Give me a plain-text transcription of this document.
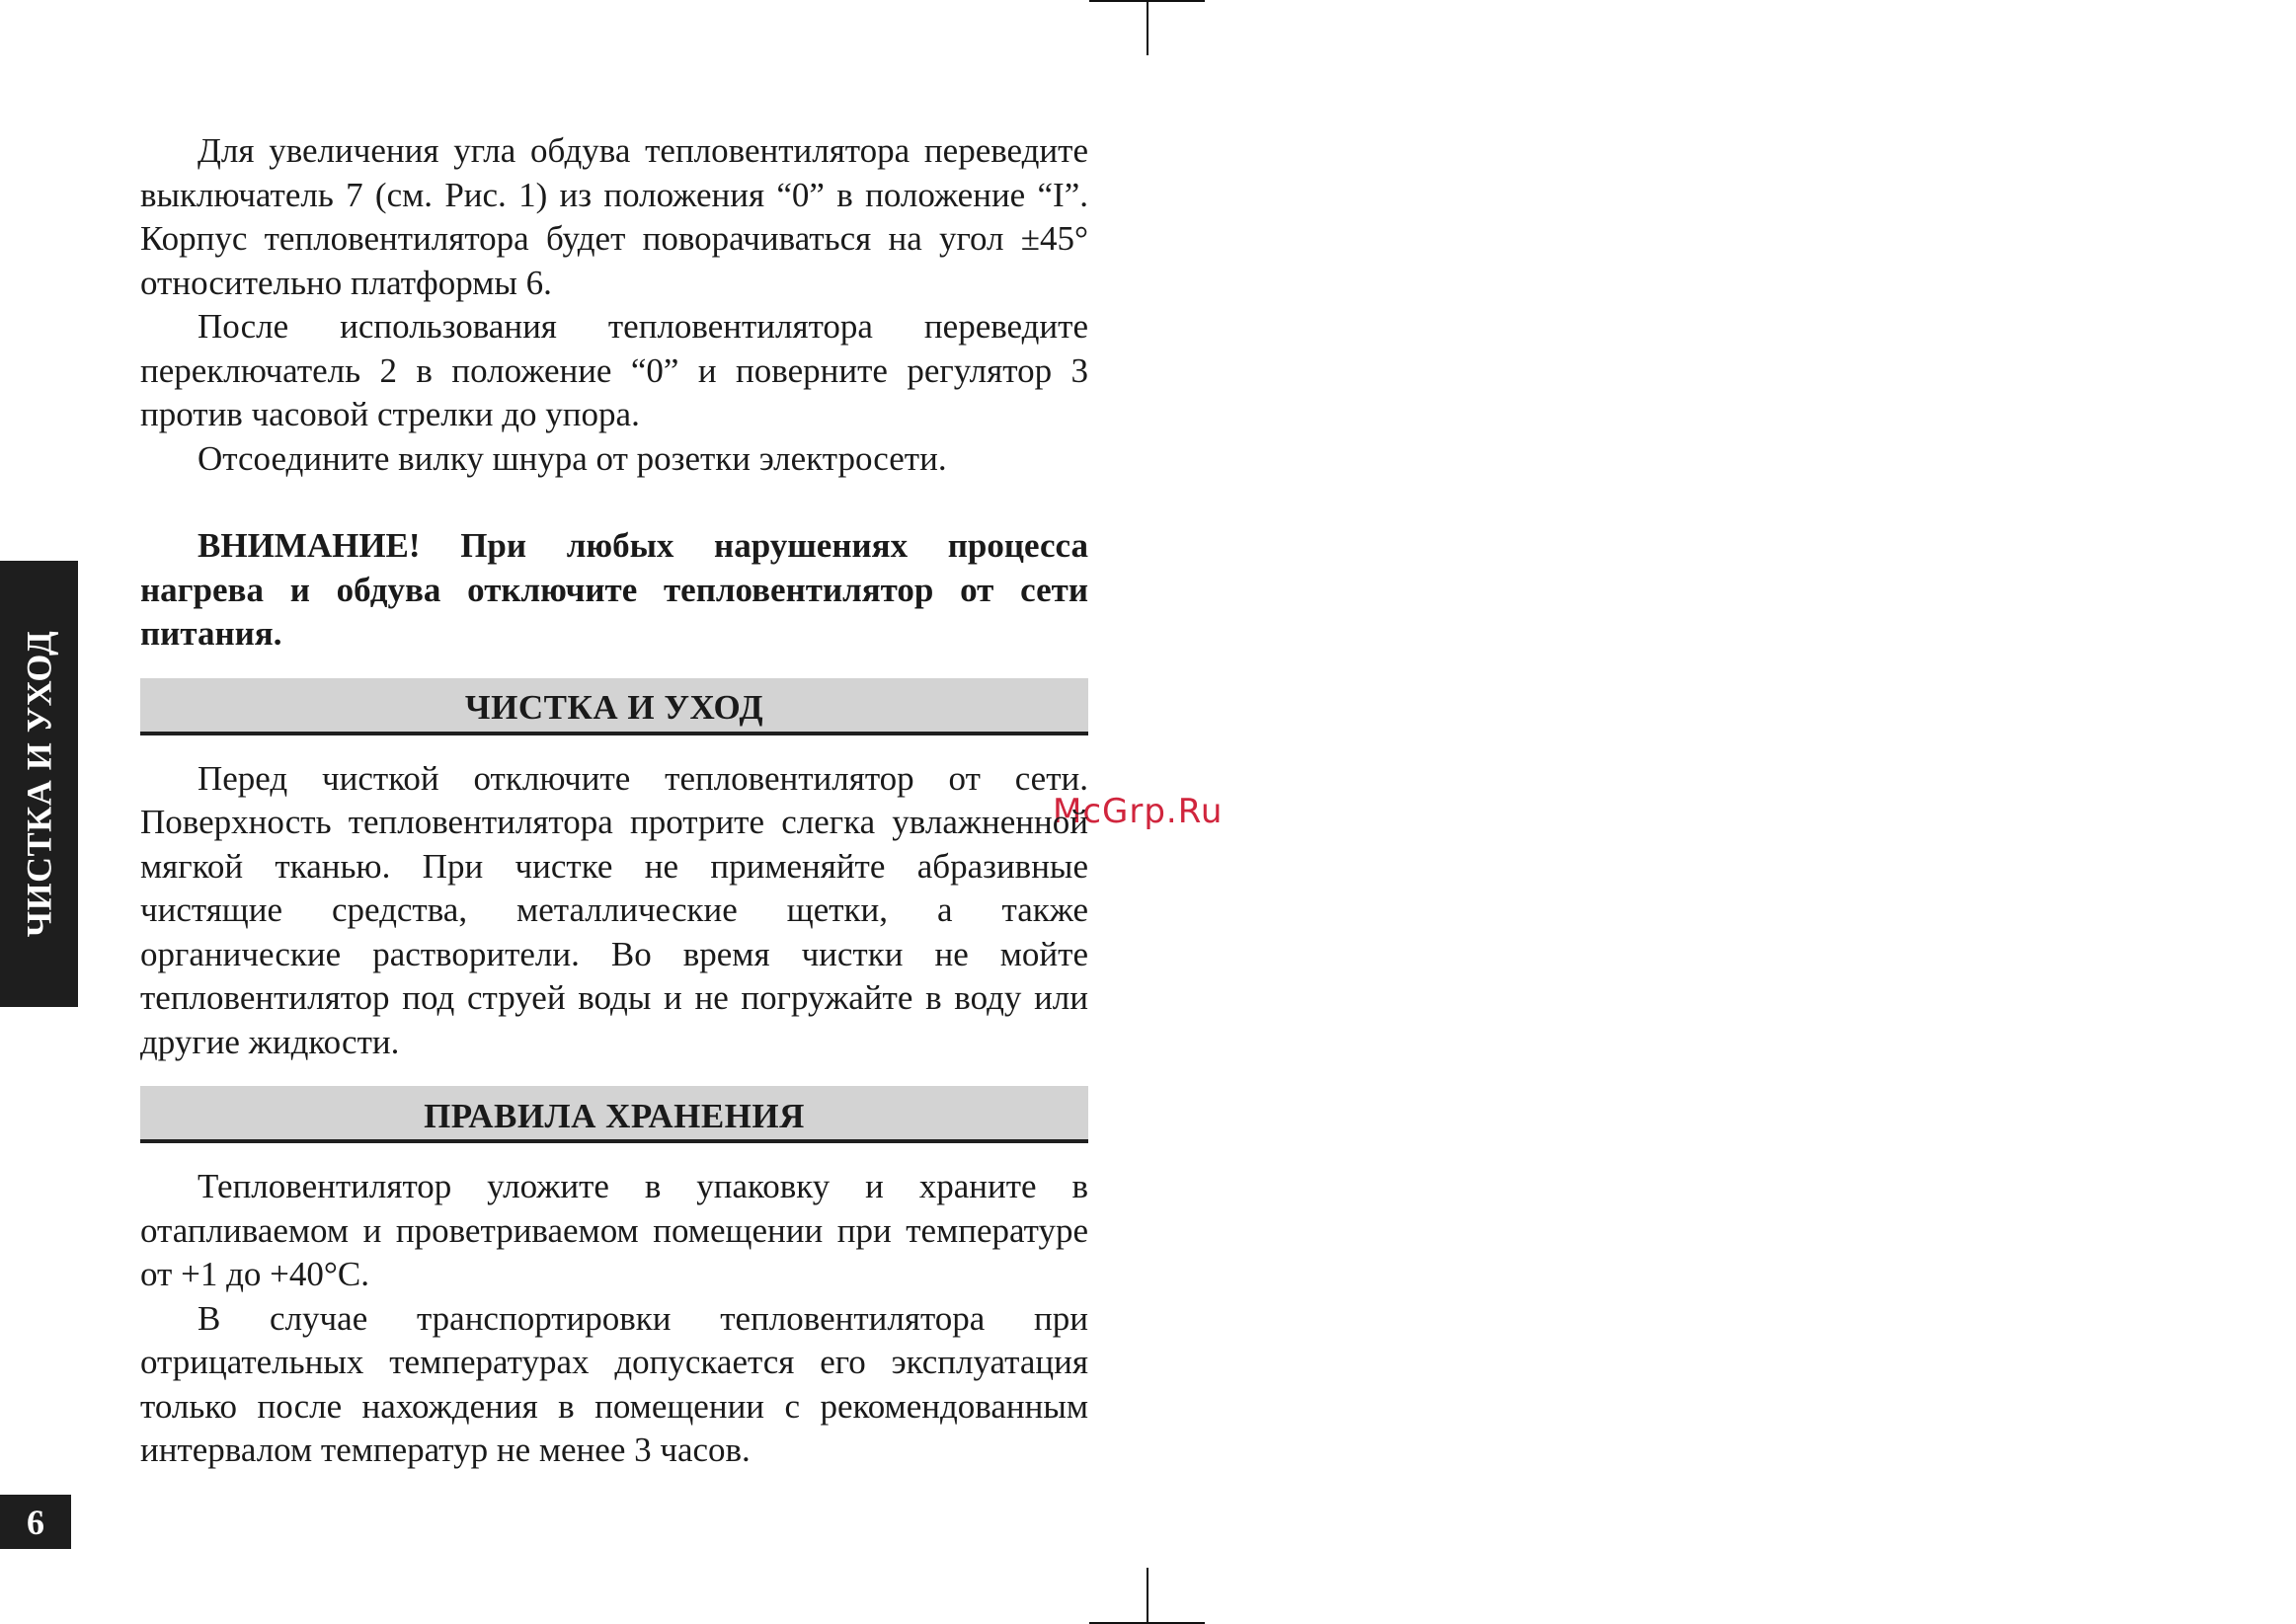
ЧИСТКА И УХОД
6
McGrp.Ru

Для увеличения угла обдува тепловентилятора переведите выключатель 7 (см. Рис. 1) из положения “0” в положение “I”. Корпус тепловентилятора будет поворачиваться на угол ±45° относительно платформы 6.

После использования тепловентилятора переведите переключатель 2 в положение “0” и поверните регулятор 3 против часовой стрелки до упора.

Отсоедините вилку шнура от розетки электросети.

ВНИМАНИЕ! При любых нарушениях процесса нагрева и обдува отключите тепловентилятор от сети питания.

ЧИСТКА И УХОД

Перед чисткой отключите тепловентилятор от сети. Поверхность тепловентилятора протрите слегка увлажненной мягкой тканью. При чистке не применяйте абразивные чистящие средства, металлические щетки, а также органические растворители. Во время чистки не мойте тепловентилятор под струей воды и не погружайте в воду или другие жидкости.

ПРАВИЛА ХРАНЕНИЯ

Тепловентилятор уложите в упаковку и храните в отапливаемом и проветриваемом помещении при температуре от +1 до +40°С.

В случае транспортировки тепловентилятора при отрицательных температурах допускается его эксплуатация только после нахождения в помещении с рекомендованным интервалом температур не менее 3 часов.
